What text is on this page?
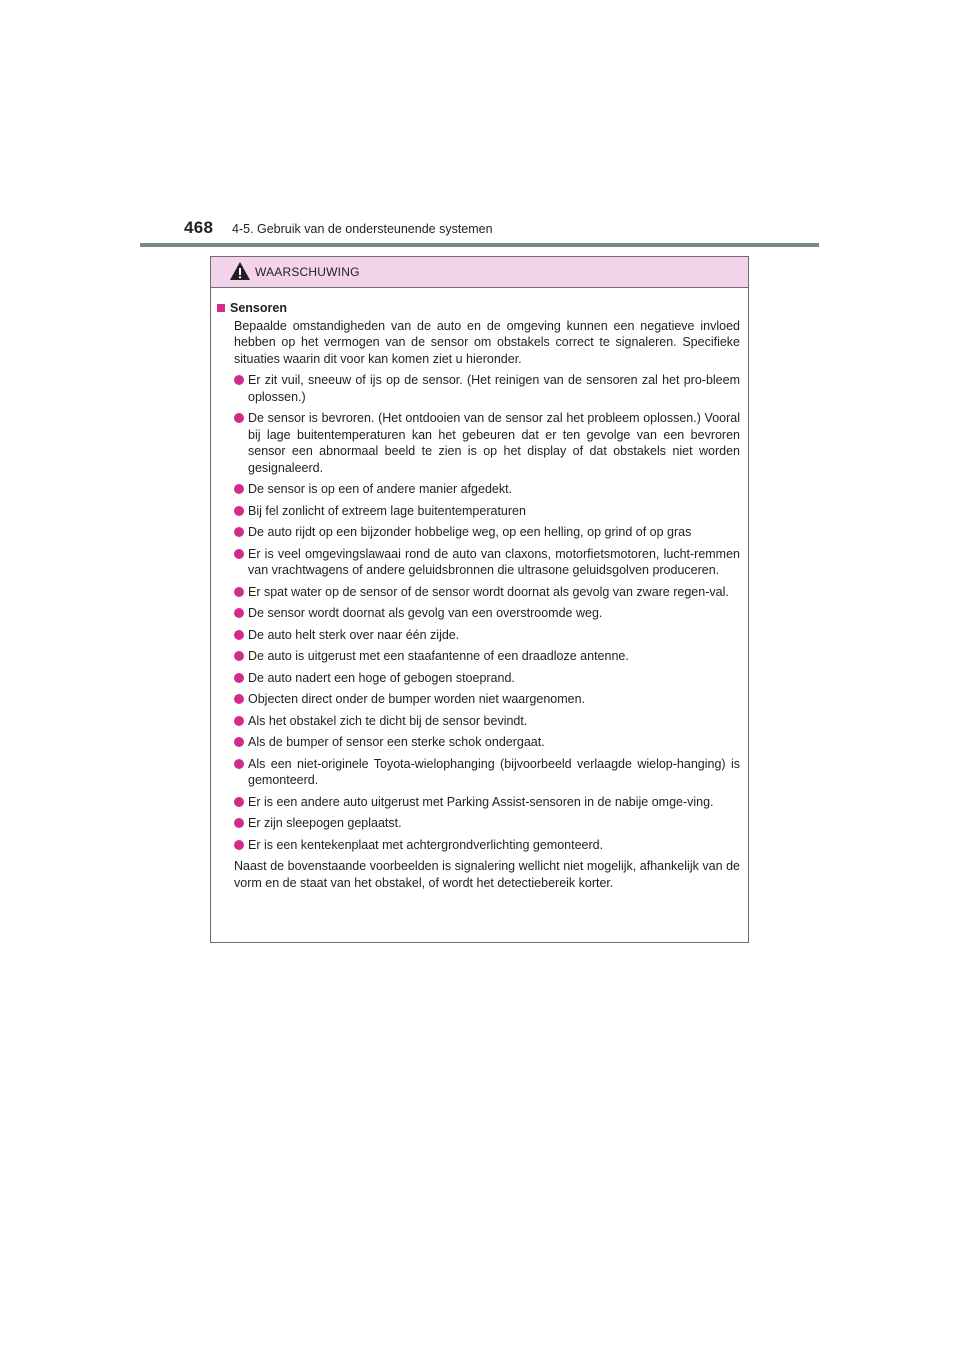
468 4-5. Gebruik van de ondersteunende systemen
WAARSCHUWING
Sensoren

Bepaalde omstandigheden van de auto en de omgeving kunnen een negatieve invloed hebben op het vermogen van de sensor om obstakels correct te signaleren. Specifieke situaties waarin dit voor kan komen ziet u hieronder.

Er zit vuil, sneeuw of ijs op de sensor. (Het reinigen van de sensoren zal het pro-bleem oplossen.)
De sensor is bevroren. (Het ontdooien van de sensor zal het probleem oplossen.) Vooral bij lage buitentemperaturen kan het gebeuren dat er ten gevolge van een bevroren sensor een abnormaal beeld te zien is op het display of dat obstakels niet worden gesignaleerd.
De sensor is op een of andere manier afgedekt.
Bij fel zonlicht of extreem lage buitentemperaturen
De auto rijdt op een bijzonder hobbelige weg, op een helling, op grind of op gras
Er is veel omgevingslawaai rond de auto van claxons, motorfietsmotoren, lucht-remmen van vrachtwagens of andere geluidsbronnen die ultrasone geluidsgolven produceren.
Er spat water op de sensor of de sensor wordt doornat als gevolg van zware regen-val.
De sensor wordt doornat als gevolg van een overstroomde weg.
De auto helt sterk over naar één zijde.
De auto is uitgerust met een staafantenne of een draadloze antenne.
De auto nadert een hoge of gebogen stoeprand.
Objecten direct onder de bumper worden niet waargenomen.
Als het obstakel zich te dicht bij de sensor bevindt.
Als de bumper of sensor een sterke schok ondergaat.
Als een niet-originele Toyota-wielophanging (bijvoorbeeld verlaagde wielop-hanging) is gemonteerd.
Er is een andere auto uitgerust met Parking Assist-sensoren in de nabije omge-ving.
Er zijn sleepogen geplaatst.
Er is een kentekenplaat met achtergrondverlichting gemonteerd.

Naast de bovenstaande voorbeelden is signalering wellicht niet mogelijk, afhankelijk van de vorm en de staat van het obstakel, of wordt het detectiebereik korter.
